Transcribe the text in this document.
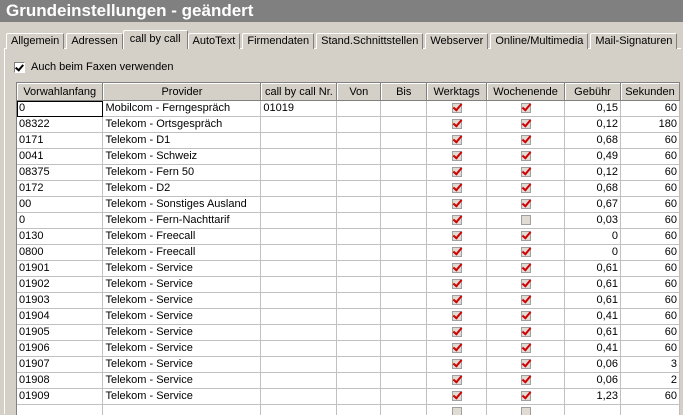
Grundeinstellungen - geändert
Allgemein	Adressen	call by call	AutoText	Firmendaten	Stand.Schnittstellen	Webserver	Online/Multimedia	Mail-Signaturen
Auch beim Faxen verwenden
Vorwahlanfang	Provider	call by call Nr.	Von	Bis	Werktags	Wochenende	Gebühr	Sekunden
0	Mobilcom - Ferngespräch	01019					0,15	60
08322	Telekom - Ortsgespräch						0,12	180
0171	Telekom - D1						0,68	60
0041	Telekom - Schweiz						0,49	60
08375	Telekom - Fern 50						0,12	60
0172	Telekom - D2						0,68	60
00	Telekom - Sonstiges Ausland						0,67	60
0	Telekom - Fern-Nachttarif						0,03	60
0130	Telekom - Freecall						0	60
0800	Telekom - Freecall						0	60
01901	Telekom - Service						0,61	60
01902	Telekom - Service						0,61	60
01903	Telekom - Service						0,61	60
01904	Telekom - Service						0,41	60
01905	Telekom - Service						0,61	60
01906	Telekom - Service						0,41	60
01907	Telekom - Service						0,06	3
01908	Telekom - Service						0,06	2
01909	Telekom - Service						1,23	60
